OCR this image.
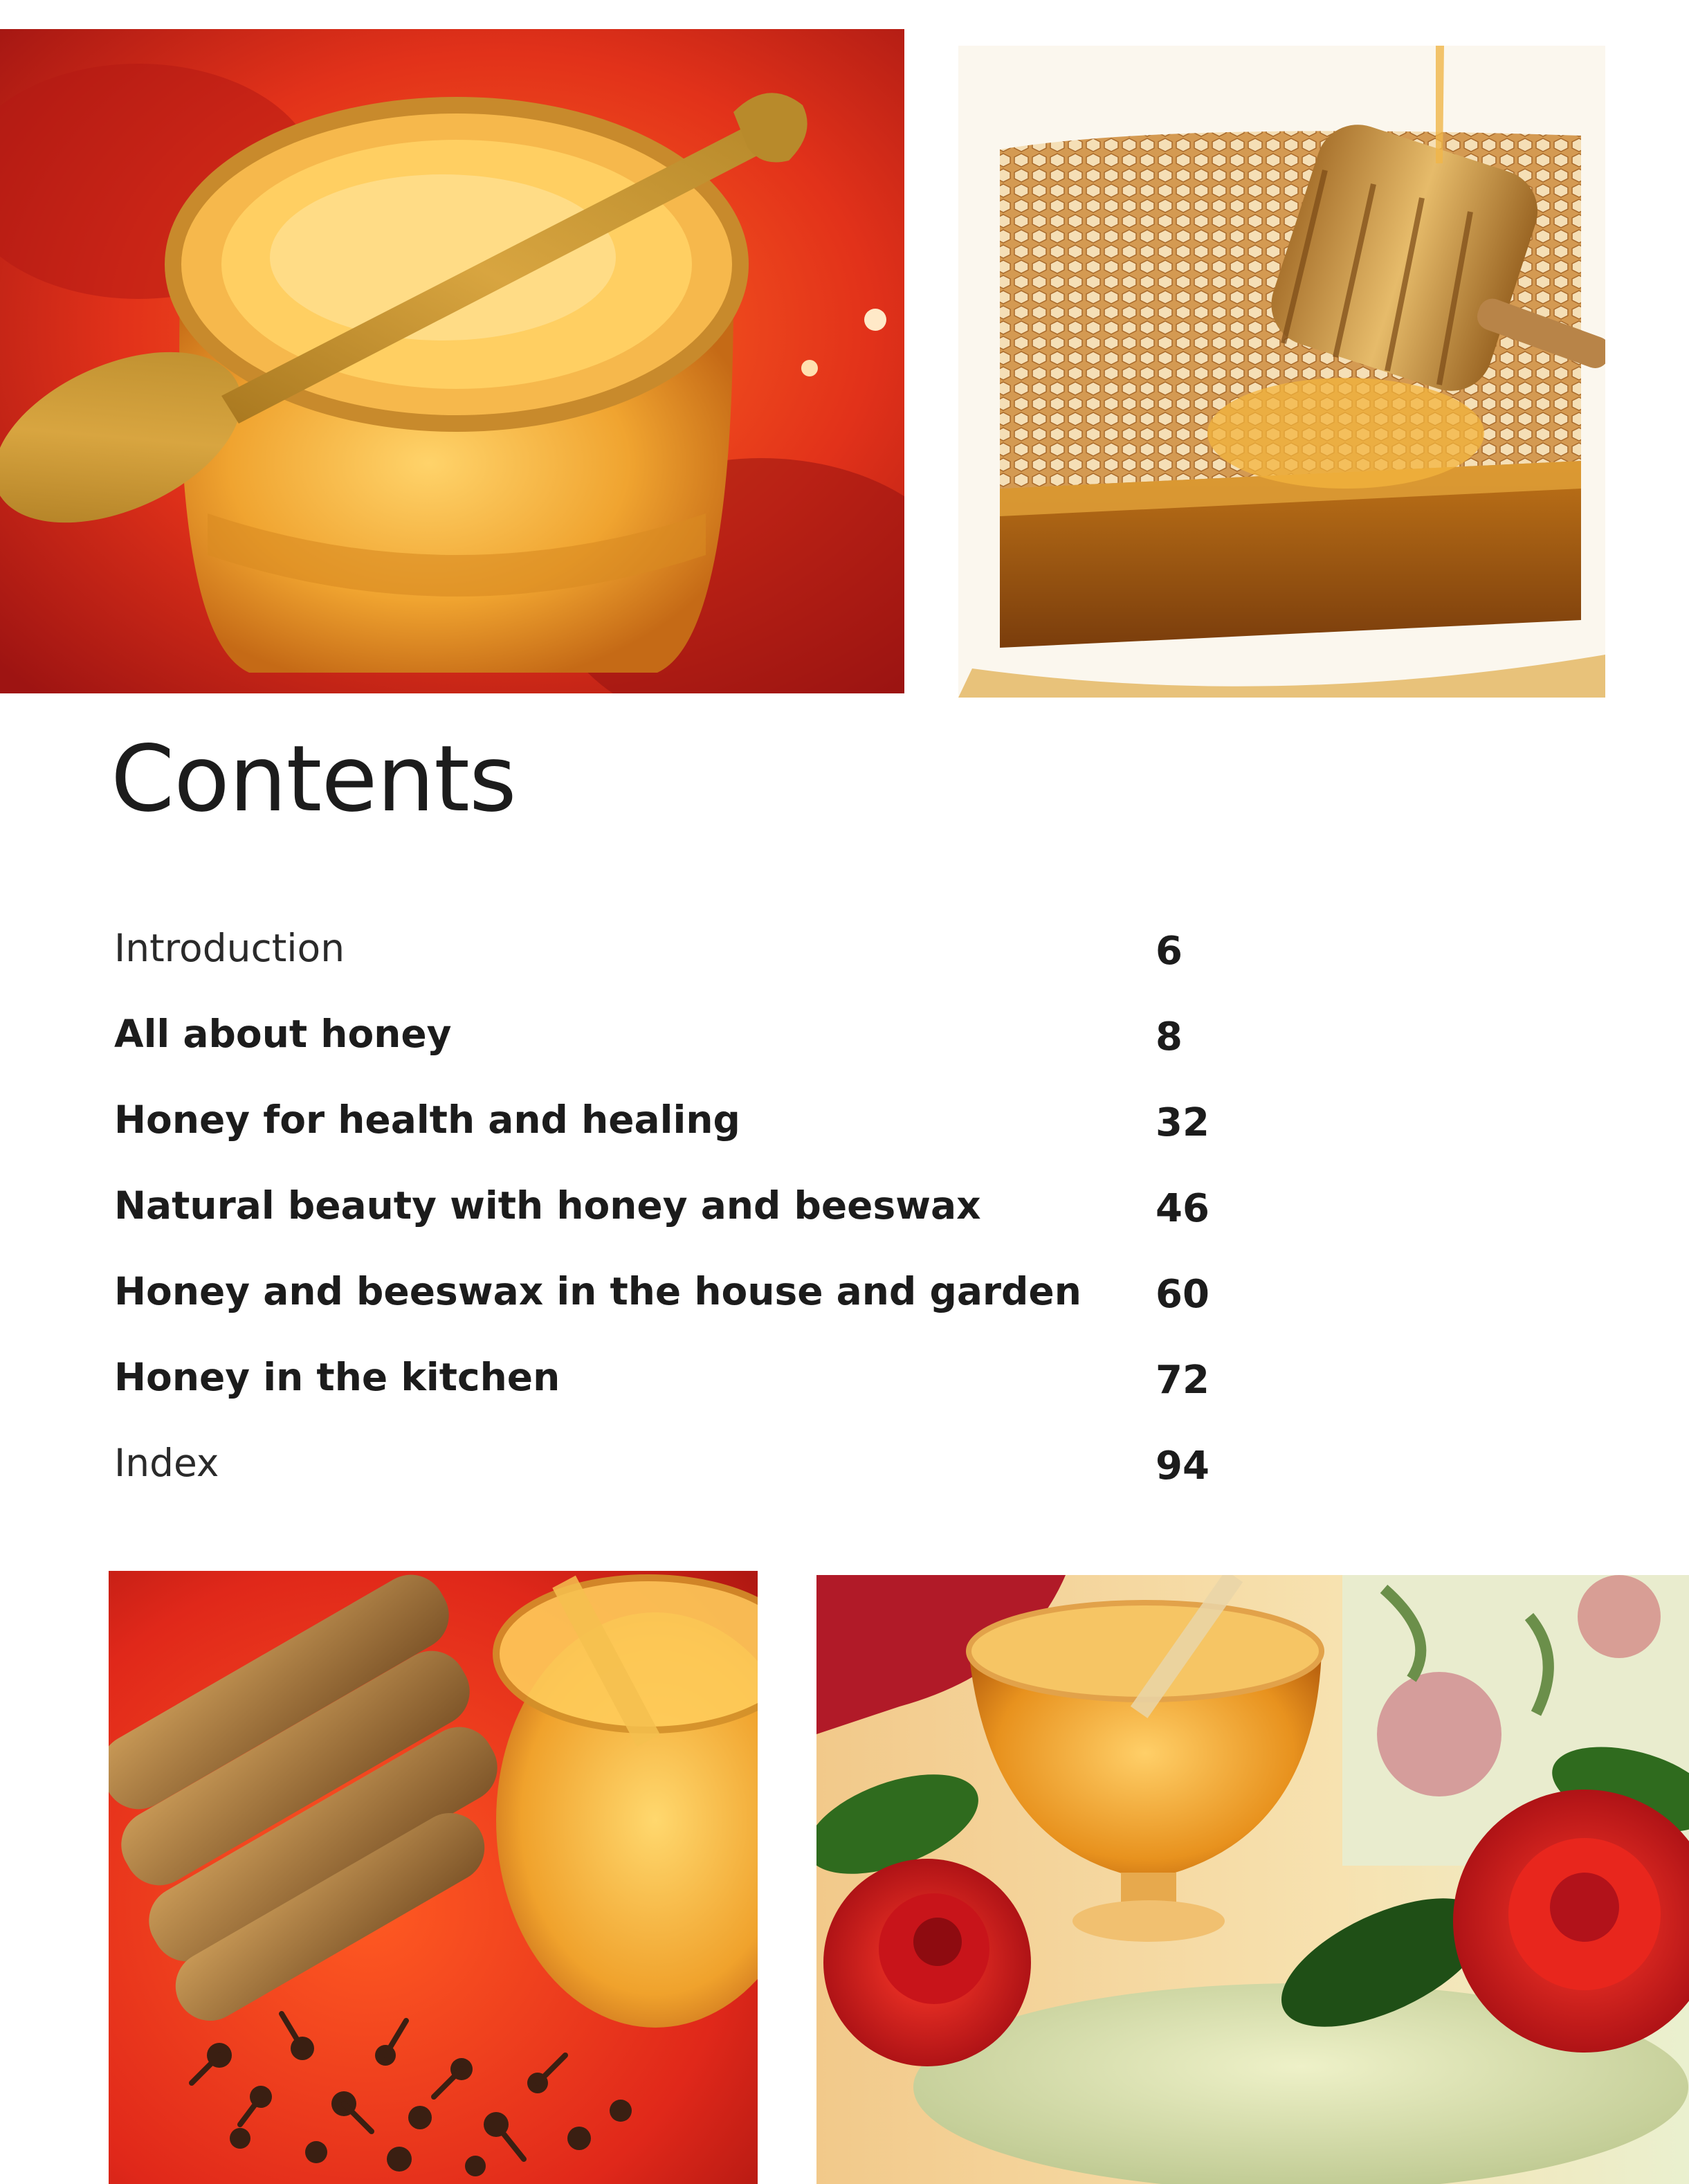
Contents
Introduction	6
All about honey	8
Honey for health and healing	32
Natural beauty with honey and beeswax	46
Honey and beeswax in the house and garden 60
Honey in the kitchen	72
Index	94
